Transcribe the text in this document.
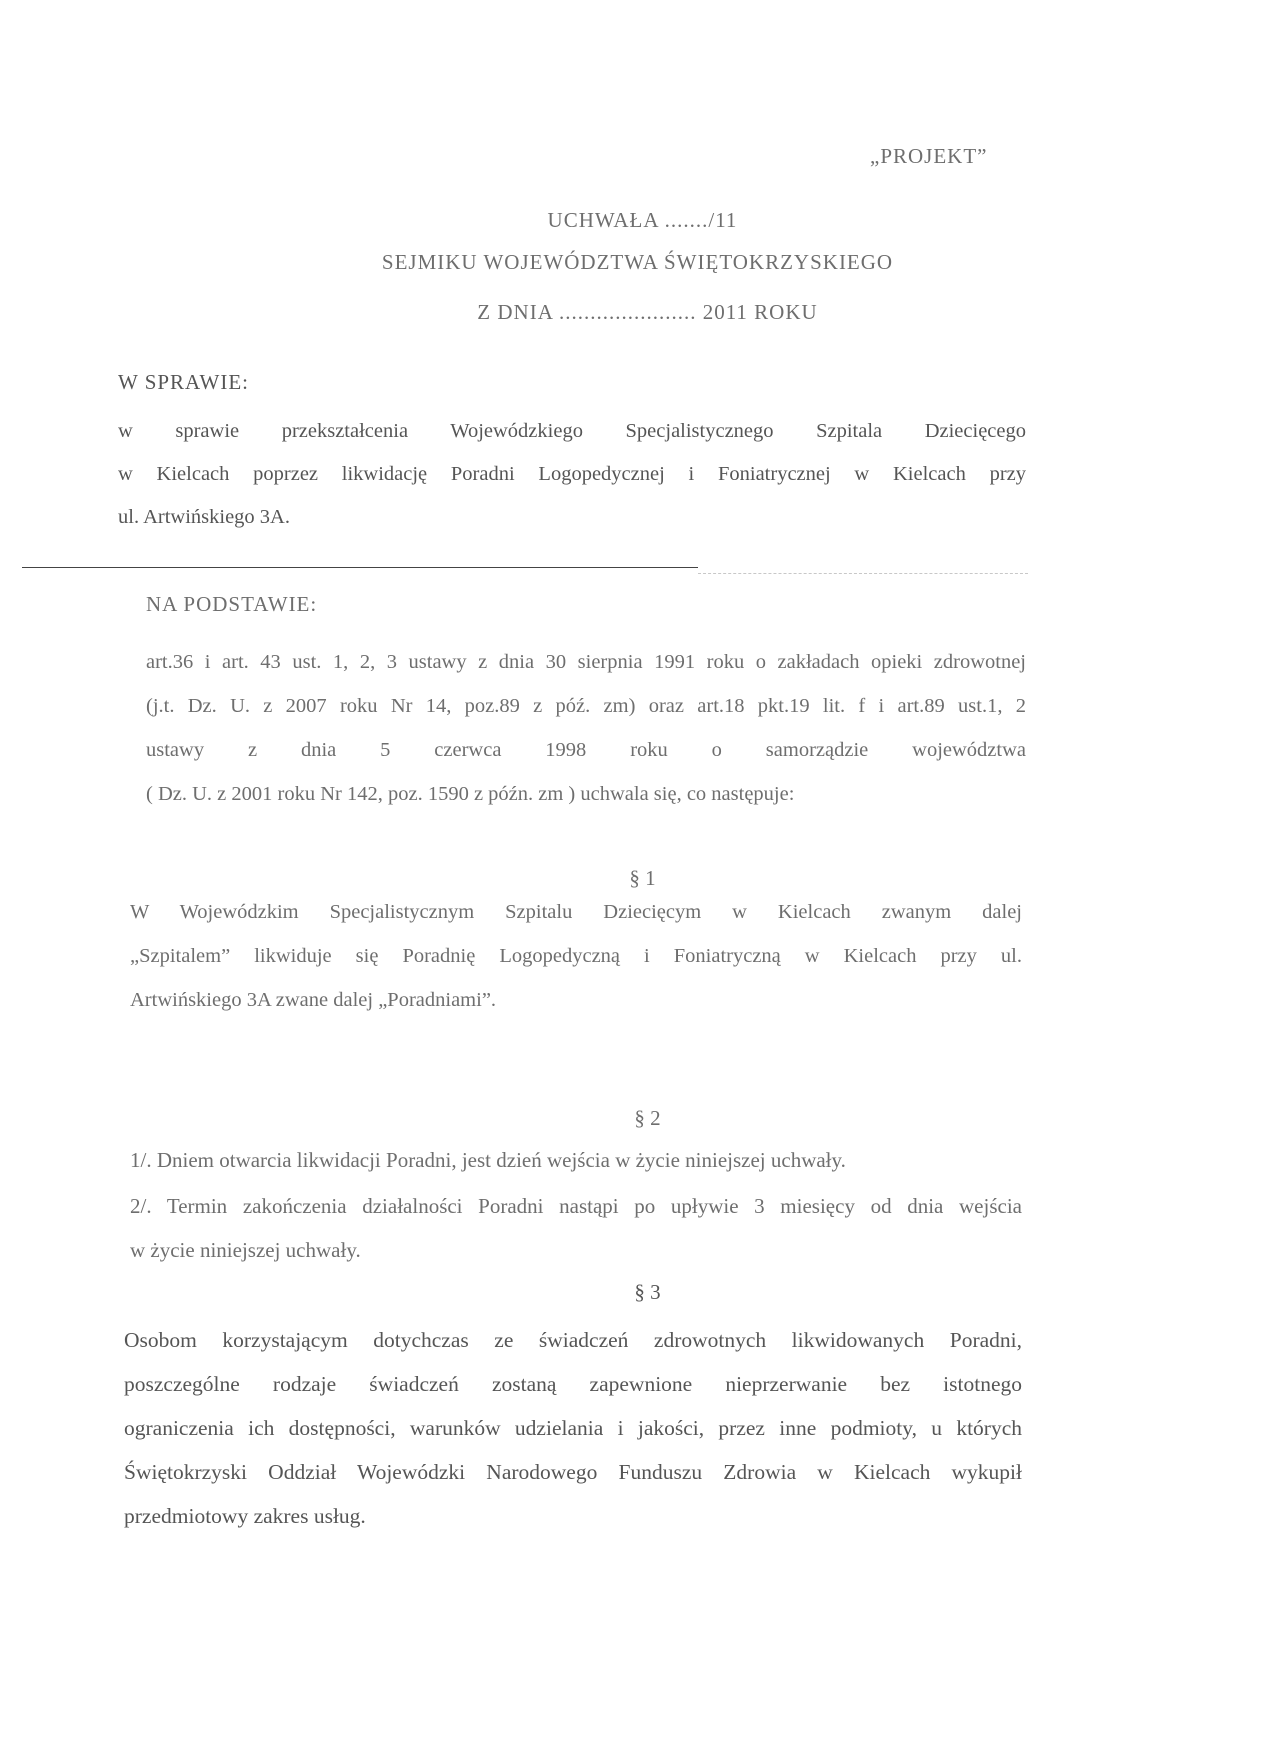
„PROJEKT”
UCHWAŁA ......./11
SEJMIKU WOJEWÓDZTWA ŚWIĘTOKRZYSKIEGO
Z DNIA ...................... 2011 ROKU
W SPRAWIE:
w sprawie przekształcenia Wojewódzkiego Specjalistycznego Szpitala Dziecięcego
w Kielcach poprzez likwidację Poradni Logopedycznej i Foniatrycznej w Kielcach przy
ul. Artwińskiego 3A.
NA PODSTAWIE:
art.36 i art. 43 ust. 1, 2, 3 ustawy z dnia 30 sierpnia 1991 roku o zakładach opieki zdrowotnej
(j.t. Dz. U. z 2007 roku Nr 14, poz.89 z póź. zm) oraz art.18 pkt.19 lit. f i art.89 ust.1, 2
ustawy z dnia 5 czerwca 1998 roku o samorządzie województwa
( Dz. U. z 2001 roku Nr 142, poz. 1590 z późn. zm ) uchwala się, co następuje:
§ 1
W Wojewódzkim Specjalistycznym Szpitalu Dziecięcym w Kielcach zwanym dalej
„Szpitalem” likwiduje się Poradnię Logopedyczną i Foniatryczną w Kielcach przy ul.
Artwińskiego 3A zwane dalej „Poradniami”.
§ 2
1/. Dniem otwarcia likwidacji Poradni, jest dzień wejścia w życie niniejszej uchwały.
2/. Termin zakończenia działalności Poradni nastąpi po upływie 3 miesięcy od dnia wejścia
w życie niniejszej uchwały.
§ 3
Osobom korzystającym dotychczas ze świadczeń zdrowotnych likwidowanych Poradni,
poszczególne rodzaje świadczeń zostaną zapewnione nieprzerwanie bez istotnego
ograniczenia ich dostępności, warunków udzielania i jakości, przez inne podmioty, u których
Świętokrzyski Oddział Wojewódzki Narodowego Funduszu Zdrowia w Kielcach wykupił
przedmiotowy zakres usług.
